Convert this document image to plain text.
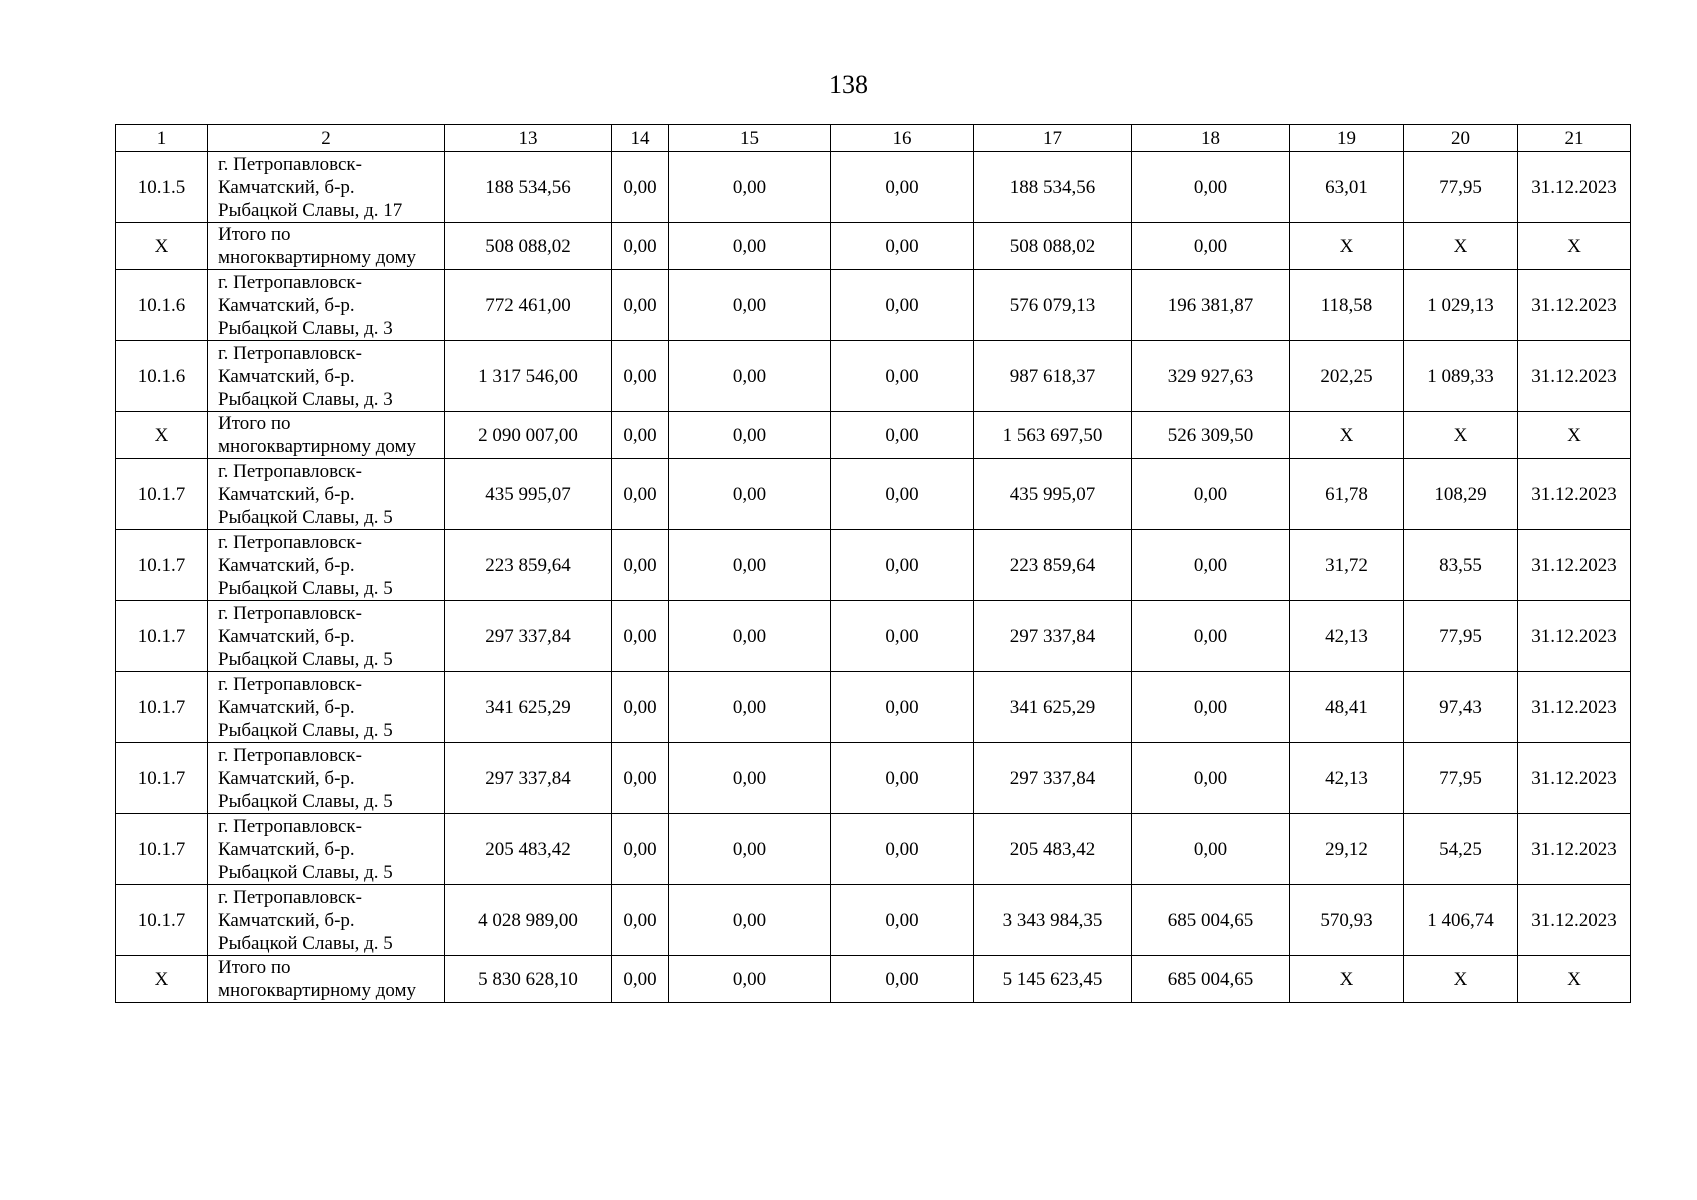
138
1	2	13	14	15	16	17	18	19	20	21
10.1.5	г. Петропавловск-
Камчатский, б-р.
Рыбацкой Славы, д. 17	188 534,56	0,00	0,00	0,00	188 534,56	0,00	63,01	77,95	31.12.2023
Х	Итого по
многоквартирному дому	508 088,02	0,00	0,00	0,00	508 088,02	0,00	Х	Х	Х
10.1.6	г. Петропавловск-
Камчатский, б-р.
Рыбацкой Славы, д. 3	772 461,00	0,00	0,00	0,00	576 079,13	196 381,87	118,58	1 029,13	31.12.2023
10.1.6	г. Петропавловск-
Камчатский, б-р.
Рыбацкой Славы, д. 3	1 317 546,00	0,00	0,00	0,00	987 618,37	329 927,63	202,25	1 089,33	31.12.2023
Х	Итого по
многоквартирному дому	2 090 007,00	0,00	0,00	0,00	1 563 697,50	526 309,50	Х	Х	Х
10.1.7	г. Петропавловск-
Камчатский, б-р.
Рыбацкой Славы, д. 5	435 995,07	0,00	0,00	0,00	435 995,07	0,00	61,78	108,29	31.12.2023
10.1.7	г. Петропавловск-
Камчатский, б-р.
Рыбацкой Славы, д. 5	223 859,64	0,00	0,00	0,00	223 859,64	0,00	31,72	83,55	31.12.2023
10.1.7	г. Петропавловск-
Камчатский, б-р.
Рыбацкой Славы, д. 5	297 337,84	0,00	0,00	0,00	297 337,84	0,00	42,13	77,95	31.12.2023
10.1.7	г. Петропавловск-
Камчатский, б-р.
Рыбацкой Славы, д. 5	341 625,29	0,00	0,00	0,00	341 625,29	0,00	48,41	97,43	31.12.2023
10.1.7	г. Петропавловск-
Камчатский, б-р.
Рыбацкой Славы, д. 5	297 337,84	0,00	0,00	0,00	297 337,84	0,00	42,13	77,95	31.12.2023
10.1.7	г. Петропавловск-
Камчатский, б-р.
Рыбацкой Славы, д. 5	205 483,42	0,00	0,00	0,00	205 483,42	0,00	29,12	54,25	31.12.2023
10.1.7	г. Петропавловск-
Камчатский, б-р.
Рыбацкой Славы, д. 5	4 028 989,00	0,00	0,00	0,00	3 343 984,35	685 004,65	570,93	1 406,74	31.12.2023
Х	Итого по
многоквартирному дому	5 830 628,10	0,00	0,00	0,00	5 145 623,45	685 004,65	Х	Х	Х
